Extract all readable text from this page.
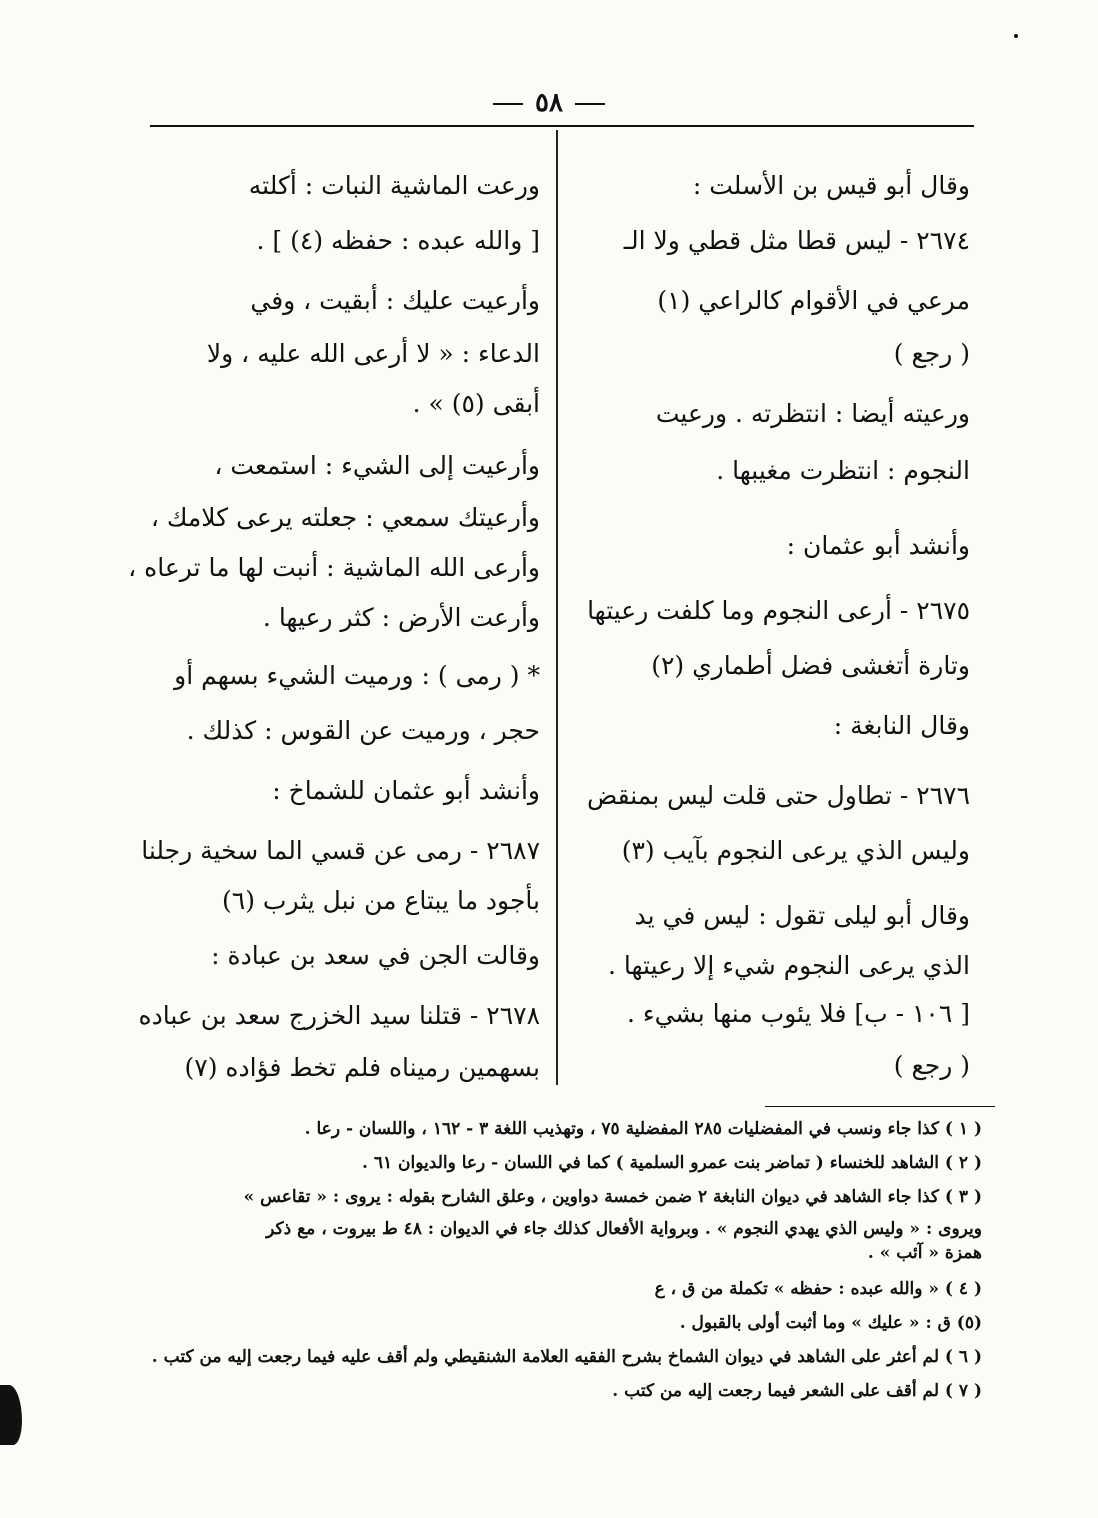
٥٨
وقال أبو قيس بن الأسلت :
٢٦٧٤ - ليس قطا مثل قطي ولا الـ
مرعي في الأقوام كالراعي (١)
( رجع )
ورعيته أيضا : انتظرته . ورعيت
النجوم : انتظرت مغيبها .
وأنشد أبو عثمان :
٢٦٧٥ - أرعى النجوم وما كلفت رعيتها
وتارة أتغشى فضل أطماري (٢)
وقال النابغة :
٢٦٧٦ - تطاول حتى قلت ليس بمنقض
وليس الذي يرعى النجوم بآيب (٣)
وقال أبو ليلى تقول : ليس في يد
الذي يرعى النجوم شيء إلا رعيتها .
[ ١٠٦ - ب] فلا يئوب منها بشيء .
( رجع )
ورعت الماشية النبات : أكلته
[ والله عبده : حفظه (٤) ] .
وأرعيت عليك : أبقيت ، وفي
الدعاء : « لا أرعى الله عليه ، ولا
أبقى (٥) » .
وأرعيت إلى الشيء : استمعت ،
وأرعيتك سمعي : جعلته يرعى كلامك ،
وأرعى الله الماشية : أنبت لها ما ترعاه ،
وأرعت الأرض : كثر رعيها .
* ( رمى ) : ورميت الشيء بسهم أو
حجر ، ورميت عن القوس : كذلك .
وأنشد أبو عثمان للشماخ :
٢٦٨٧ - رمى عن قسي الما سخية رجلنا
بأجود ما يبتاع من نبل يثرب (٦)
وقالت الجن في سعد بن عبادة :
٢٦٧٨ - قتلنا سيد الخزرج سعد بن عباده
بسهمين رميناه فلم تخط فؤاده (٧)
( ١ ) كذا جاء ونسب في المفضليات ٢٨٥ المفضلية ٧٥ ، وتهذيب اللغة ٣ - ١٦٢ ، واللسان - رعا .
( ٢ ) الشاهد للخنساء ( تماضر بنت عمرو السلمية ) كما في اللسان - رعا والديوان ٦١ .
( ٣ ) كذا جاء الشاهد في ديوان النابغة ٢ ضمن خمسة دواوين ، وعلق الشارح بقوله : يروى : « تقاعس »
ويروى : « وليس الذي يهدي النجوم » . وبرواية الأفعال كذلك جاء في الديوان : ٤٨ ط بيروت ، مع ذكر
همزة « آئب » .
( ٤ ) « والله عبده : حفظه » تكملة من ق ، ع
(٥) ق : « عليك » وما أثبت أولى بالقبول .
( ٦ ) لم أعثر على الشاهد في ديوان الشماخ بشرح الفقيه العلامة الشنقيطي ولم أقف عليه فيما رجعت إليه من كتب .
( ٧ ) لم أقف على الشعر فيما رجعت إليه من كتب .
